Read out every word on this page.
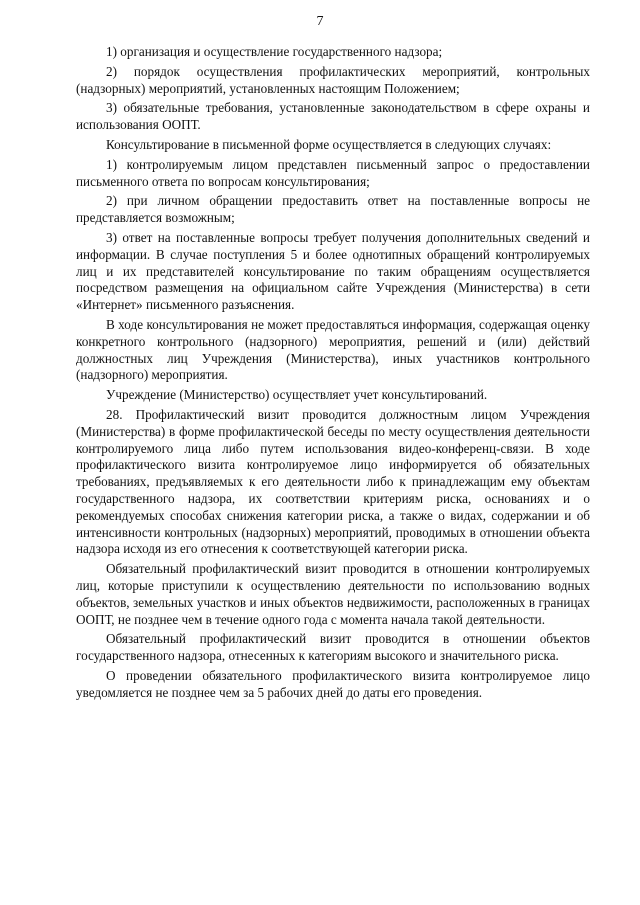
7

1) организация и осуществление государственного надзора;

2) порядок осуществления профилактических мероприятий, контрольных (надзорных) мероприятий, установленных настоящим Положением;

3) обязательные требования, установленные законодательством в сфере охраны и использования ООПТ.

Консультирование в письменной форме осуществляется в следующих случаях:

1) контролируемым лицом представлен письменный запрос о предоставлении письменного ответа по вопросам консультирования;

2) при личном обращении предоставить ответ на поставленные вопросы не представляется возможным;

3) ответ на поставленные вопросы требует получения дополнительных сведений и информации. В случае поступления 5 и более однотипных обращений контролируемых лиц и их представителей консультирование по таким обращениям осуществляется посредством размещения на официальном сайте Учреждения (Министерства) в сети «Интернет» письменного разъяснения.

В ходе консультирования не может предоставляться информация, содержащая оценку конкретного контрольного (надзорного) мероприятия, решений и (или) действий должностных лиц Учреждения (Министерства), иных участников контрольного (надзорного) мероприятия.

Учреждение (Министерство) осуществляет учет консультирований.

28. Профилактический визит проводится должностным лицом Учреждения (Министерства) в форме профилактической беседы по месту осуществления деятельности контролируемого лица либо путем использования видео-конференц-связи. В ходе профилактического визита контролируемое лицо информируется об обязательных требованиях, предъявляемых к его деятельности либо к принадлежащим ему объектам государственного надзора, их соответствии критериям риска, основаниях и о рекомендуемых способах снижения категории риска, а также о видах, содержании и об интенсивности контрольных (надзорных) мероприятий, проводимых в отношении объекта надзора исходя из его отнесения к соответствующей категории риска.

Обязательный профилактический визит проводится в отношении контролируемых лиц, которые приступили к осуществлению деятельности по использованию водных объектов, земельных участков и иных объектов недвижимости, расположенных в границах ООПТ, не позднее чем в течение одного года с момента начала такой деятельности.

Обязательный профилактический визит проводится в отношении объектов государственного надзора, отнесенных к категориям высокого и значительного риска.

О проведении обязательного профилактического визита контролируемое лицо уведомляется не позднее чем за 5 рабочих дней до даты его проведения.
